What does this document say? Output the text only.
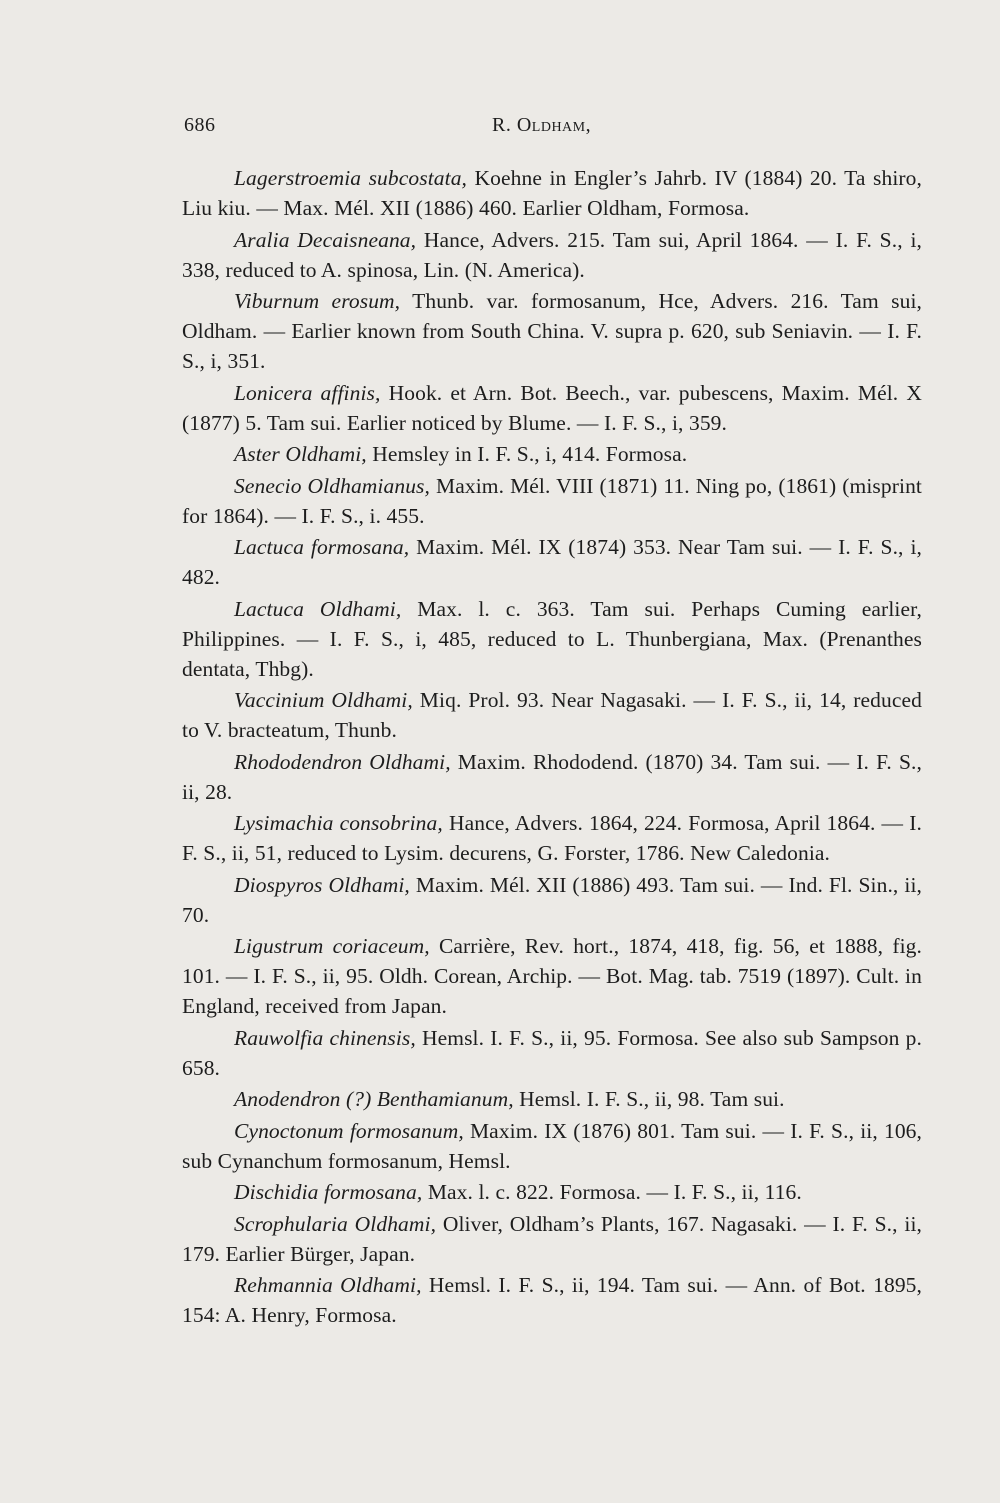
686	R. Oldham,

Lagerstroemia subcostata, Koehne in Engler’s Jahrb. IV (1884) 20. Ta shiro, Liu kiu. — Max. Mél. XII (1886) 460. Earlier Oldham, Formosa.

Aralia Decaisneana, Hance, Advers. 215. Tam sui, April 1864. — I. F. S., i, 338, reduced to A. spinosa, Lin. (N. America).

Viburnum erosum, Thunb. var. formosanum, Hce, Advers. 216. Tam sui, Oldham. — Earlier known from South China. V. supra p. 620, sub Seniavin. — I. F. S., i, 351.

Lonicera affinis, Hook. et Arn. Bot. Beech., var. pubescens, Maxim. Mél. X (1877) 5. Tam sui. Earlier noticed by Blume. — I. F. S., i, 359.

Aster Oldhami, Hemsley in I. F. S., i, 414. Formosa.

Senecio Oldhamianus, Maxim. Mél. VIII (1871) 11. Ning po, (1861) (misprint for 1864). — I. F. S., i. 455.

Lactuca formosana, Maxim. Mél. IX (1874) 353. Near Tam sui. — I. F. S., i, 482.

Lactuca Oldhami, Max. l. c. 363. Tam sui. Perhaps Cuming earlier, Philippines. — I. F. S., i, 485, reduced to L. Thunbergiana, Max. (Prenanthes dentata, Thbg).

Vaccinium Oldhami, Miq. Prol. 93. Near Nagasaki. — I. F. S., ii, 14, reduced to V. bracteatum, Thunb.

Rhododendron Oldhami, Maxim. Rhododend. (1870) 34. Tam sui. — I. F. S., ii, 28.

Lysimachia consobrina, Hance, Advers. 1864, 224. Formosa, April 1864. — I. F. S., ii, 51, reduced to Lysim. decurens, G. Forster, 1786. New Caledonia.

Diospyros Oldhami, Maxim. Mél. XII (1886) 493. Tam sui. — Ind. Fl. Sin., ii, 70.

Ligustrum coriaceum, Carrière, Rev. hort., 1874, 418, fig. 56, et 1888, fig. 101. — I. F. S., ii, 95. Oldh. Corean, Archip. — Bot. Mag. tab. 7519 (1897). Cult. in England, received from Japan.

Rauwolfia chinensis, Hemsl. I. F. S., ii, 95. Formosa. See also sub Sampson p. 658.

Anodendron (?) Benthamianum, Hemsl. I. F. S., ii, 98. Tam sui.

Cynoctonum formosanum, Maxim. IX (1876) 801. Tam sui. — I. F. S., ii, 106, sub Cynanchum formosanum, Hemsl.

Dischidia formosana, Max. l. c. 822. Formosa. — I. F. S., ii, 116.

Scrophularia Oldhami, Oliver, Oldham’s Plants, 167. Nagasaki. — I. F. S., ii, 179. Earlier Bürger, Japan.

Rehmannia Oldhami, Hemsl. I. F. S., ii, 194. Tam sui. — Ann. of Bot. 1895, 154: A. Henry, Formosa.
